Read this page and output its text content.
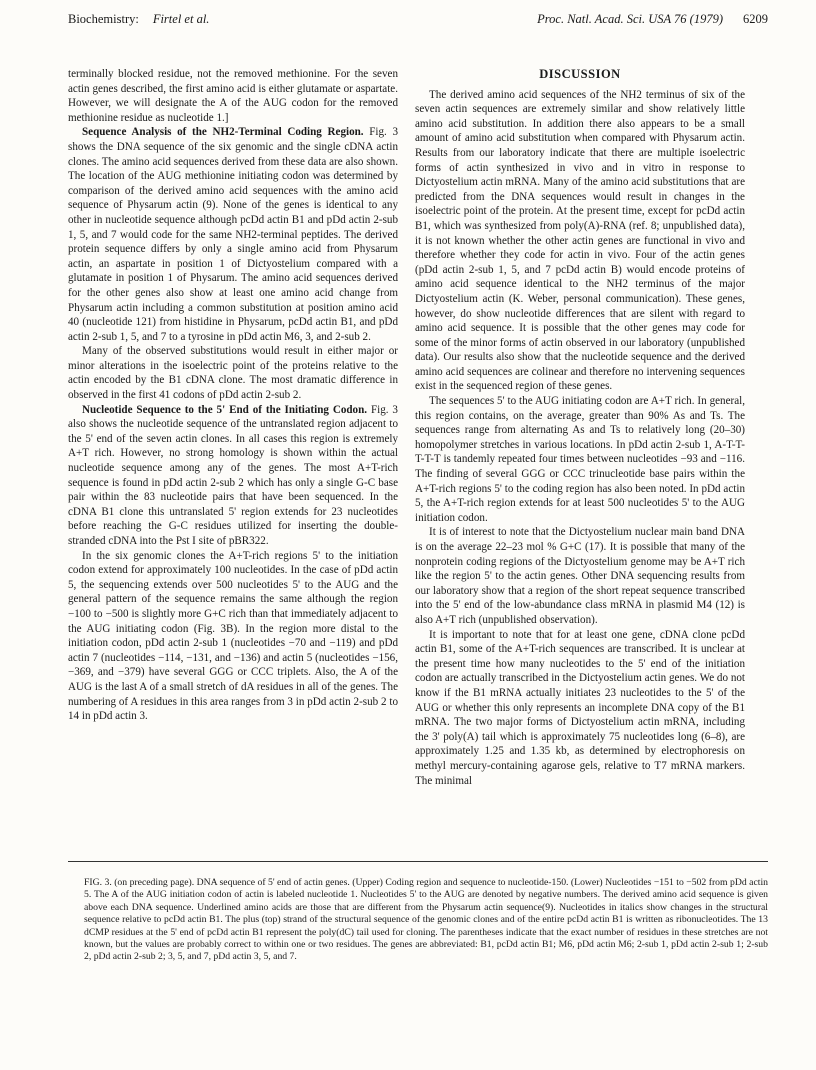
Biochemistry: Firtel et al.	Proc. Natl. Acad. Sci. USA 76 (1979) 6209

terminally blocked residue, not the removed methionine. For the seven actin genes described, the first amino acid is either glutamate or aspartate. However, we will designate the A of the AUG codon for the removed methionine residue as nucleotide 1.]

Sequence Analysis of the NH2-Terminal Coding Region. Fig. 3 shows the DNA sequence of the six genomic and the single cDNA actin clones. The amino acid sequences derived from these data are also shown. The location of the AUG methionine initiating codon was determined by comparison of the derived amino acid sequences with the amino acid sequence of Physarum actin (9). None of the genes is identical to any other in nucleotide sequence although pcDd actin B1 and pDd actin 2-sub 1, 5, and 7 would code for the same NH2-terminal peptides. The derived protein sequence differs by only a single amino acid from Physarum actin, an aspartate in position 1 of Dictyostelium compared with a glutamate in position 1 of Physarum. The amino acid sequences derived for the other genes also show at least one amino acid change from Physarum actin including a common substitution at position amino acid 40 (nucleotide 121) from histidine in Physarum, pcDd actin B1, and pDd actin 2-sub 1, 5, and 7 to a tyrosine in pDd actin M6, 3, and 2-sub 2.

Many of the observed substitutions would result in either major or minor alterations in the isoelectric point of the proteins relative to the actin encoded by the B1 cDNA clone. The most dramatic difference in observed in the first 41 codons of pDd actin 2-sub 2.

Nucleotide Sequence to the 5' End of the Initiating Codon. Fig. 3 also shows the nucleotide sequence of the untranslated region adjacent to the 5' end of the seven actin clones. In all cases this region is extremely A+T rich. However, no strong homology is shown within the actual nucleotide sequence among any of the genes. The most A+T-rich sequence is found in pDd actin 2-sub 2 which has only a single G-C base pair within the 83 nucleotide pairs that have been sequenced. In the cDNA B1 clone this untranslated 5' region extends for 23 nucleotides before reaching the G-C residues utilized for inserting the double-stranded cDNA into the Pst I site of pBR322.

In the six genomic clones the A+T-rich regions 5' to the initiation codon extend for approximately 100 nucleotides. In the case of pDd actin 5, the sequencing extends over 500 nucleotides 5' to the AUG and the general pattern of the sequence remains the same although the region −100 to −500 is slightly more G+C rich than that immediately adjacent to the AUG initiating codon (Fig. 3B). In the region more distal to the initiation codon, pDd actin 2-sub 1 (nucleotides −70 and −119) and pDd actin 7 (nucleotides −114, −131, and −136) and actin 5 (nucleotides −156, −369, and −379) have several GGG or CCC triplets. Also, the A of the AUG is the last A of a small stretch of dA residues in all of the genes. The numbering of A residues in this area ranges from 3 in pDd actin 2-sub 2 to 14 in pDd actin 3.

DISCUSSION

The derived amino acid sequences of the NH2 terminus of six of the seven actin sequences are extremely similar and show relatively little amino acid substitution. In addition there also appears to be a small amount of amino acid substitution when compared with Physarum actin. Results from our laboratory indicate that there are multiple isoelectric forms of actin synthesized in vivo and in vitro in response to Dictyostelium actin mRNA. Many of the amino acid substitutions that are predicted from the DNA sequences would result in changes in the isoelectric point of the protein. At the present time, except for pcDd actin B1, which was synthesized from poly(A)-RNA (ref. 8; unpublished data), it is not known whether the other actin genes are functional in vivo and therefore whether they code for actin in vivo. Four of the actin genes (pDd actin 2-sub 1, 5, and 7 pcDd actin B) would encode proteins of amino acid sequence identical to the NH2 terminus of the major Dictyostelium actin (K. Weber, personal communication). These genes, however, do show nucleotide differences that are silent with regard to amino acid sequence. It is possible that the other genes may code for some of the minor forms of actin observed in our laboratory (unpublished data). Our results also show that the nucleotide sequence and the derived amino acid sequences are colinear and therefore no intervening sequences exist in the sequenced region of these genes.

The sequences 5' to the AUG initiating codon are A+T rich. In general, this region contains, on the average, greater than 90% As and Ts. The sequences range from alternating As and Ts to relatively long (20–30) homopolymer stretches in various locations. In pDd actin 2-sub 1, A-T-T-T-T-T is tandemly repeated four times between nucleotides −93 and −116. The finding of several GGG or CCC trinucleotide base pairs within the A+T-rich regions 5' to the coding region has also been noted. In pDd actin 5, the A+T-rich region extends for at least 500 nucleotides 5' to the AUG initiation codon.

It is of interest to note that the Dictyostelium nuclear main band DNA is on the average 22–23 mol % G+C (17). It is possible that many of the nonprotein coding regions of the Dictyostelium genome may be A+T rich like the region 5' to the actin genes. Other DNA sequencing results from our laboratory show that a region of the short repeat sequence transcribed into the 5' end of the low-abundance class mRNA in plasmid M4 (12) is also A+T rich (unpublished observation).

It is important to note that for at least one gene, cDNA clone pcDd actin B1, some of the A+T-rich sequences are transcribed. It is unclear at the present time how many nucleotides to the 5' end of the initiation codon are actually transcribed in the Dictyostelium actin genes. We do not know if the B1 mRNA actually initiates 23 nucleotides to the 5' of the AUG or whether this only represents an incomplete DNA copy of the B1 mRNA. The two major forms of Dictyostelium actin mRNA, including the 3' poly(A) tail which is approximately 75 nucleotides long (6–8), are approximately 1.25 and 1.35 kb, as determined by electrophoresis on methyl mercury-containing agarose gels, relative to T7 mRNA markers. The minimal

FIG. 3. (on preceding page). DNA sequence of 5' end of actin genes. (Upper) Coding region and sequence to nucleotide-150. (Lower) Nucleotides −151 to −502 from pDd actin 5. The A of the AUG initiation codon of actin is labeled nucleotide 1. Nucleotides 5' to the AUG are denoted by negative numbers. The derived amino acid sequence is given above each DNA sequence. Underlined amino acids are those that are different from the Physarum actin sequence(9). Nucleotides in italics show changes in the structural sequence relative to pcDd actin B1. The plus (top) strand of the structural sequence of the genomic clones and of the entire pcDd actin B1 is written as ribonucleotides. The 13 dCMP residues at the 5' end of pcDd actin B1 represent the poly(dC) tail used for cloning. The parentheses indicate that the exact number of residues in these stretches are not known, but the values are probably correct to within one or two residues. The genes are abbreviated: B1, pcDd actin B1; M6, pDd actin M6; 2-sub 1, pDd actin 2-sub 1; 2-sub 2, pDd actin 2-sub 2; 3, 5, and 7, pDd actin 3, 5, and 7.
